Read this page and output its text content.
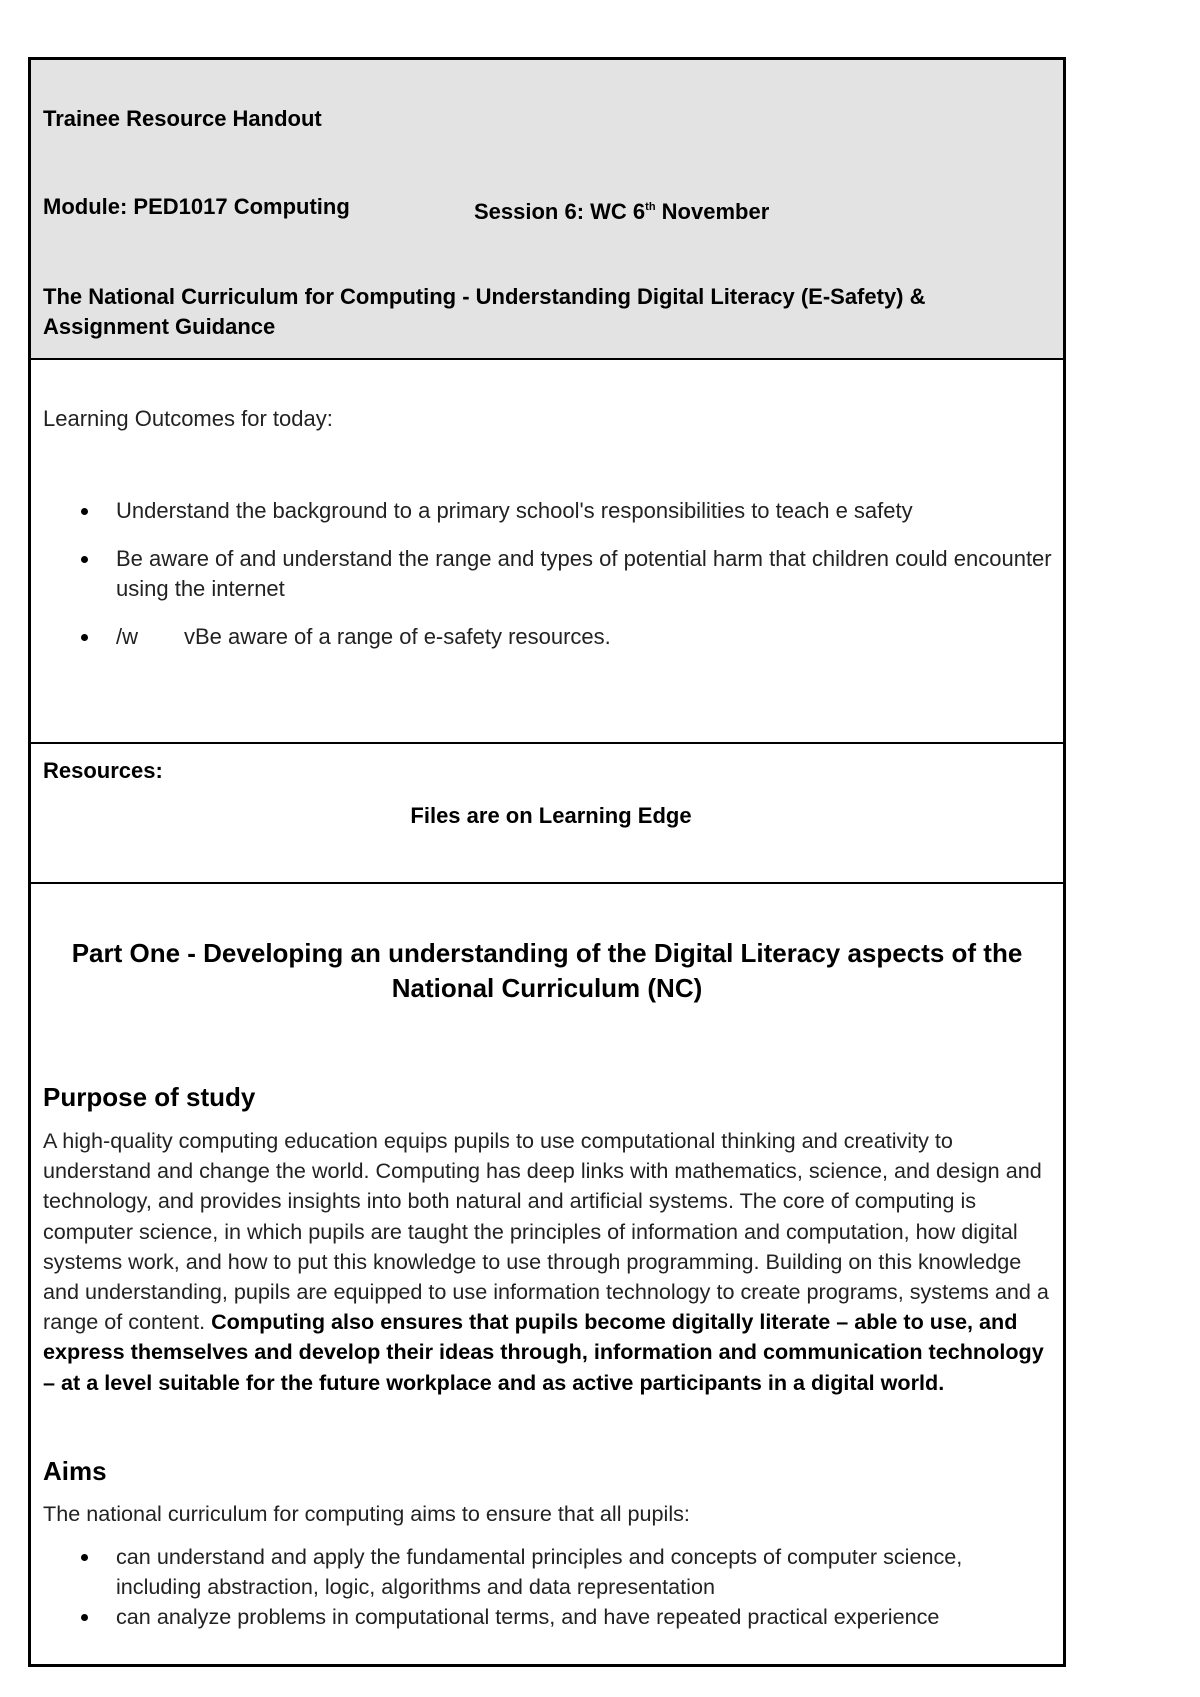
Trainee Resource Handout
Module: PED1017 Computing	Session 6: WC 6th November
The National Curriculum for Computing - Understanding Digital Literacy (E-Safety) & Assignment Guidance
Learning Outcomes for today:
Understand the background to a primary school's responsibilities to teach e safety
Be aware of and understand the range and types of potential harm that children could encounter using the internet
/w vBe aware of a range of e-safety resources.
Resources:
Files are on Learning Edge
Part One - Developing an understanding of the Digital Literacy aspects of the National Curriculum (NC)
Purpose of study
A high-quality computing education equips pupils to use computational thinking and creativity to understand and change the world. Computing has deep links with mathematics, science, and design and technology, and provides insights into both natural and artificial systems. The core of computing is computer science, in which pupils are taught the principles of information and computation, how digital systems work, and how to put this knowledge to use through programming. Building on this knowledge and understanding, pupils are equipped to use information technology to create programs, systems and a range of content. Computing also ensures that pupils become digitally literate – able to use, and express themselves and develop their ideas through, information and communication technology – at a level suitable for the future workplace and as active participants in a digital world.
Aims
The national curriculum for computing aims to ensure that all pupils:
can understand and apply the fundamental principles and concepts of computer science, including abstraction, logic, algorithms and data representation
can analyze problems in computational terms, and have repeated practical experience
